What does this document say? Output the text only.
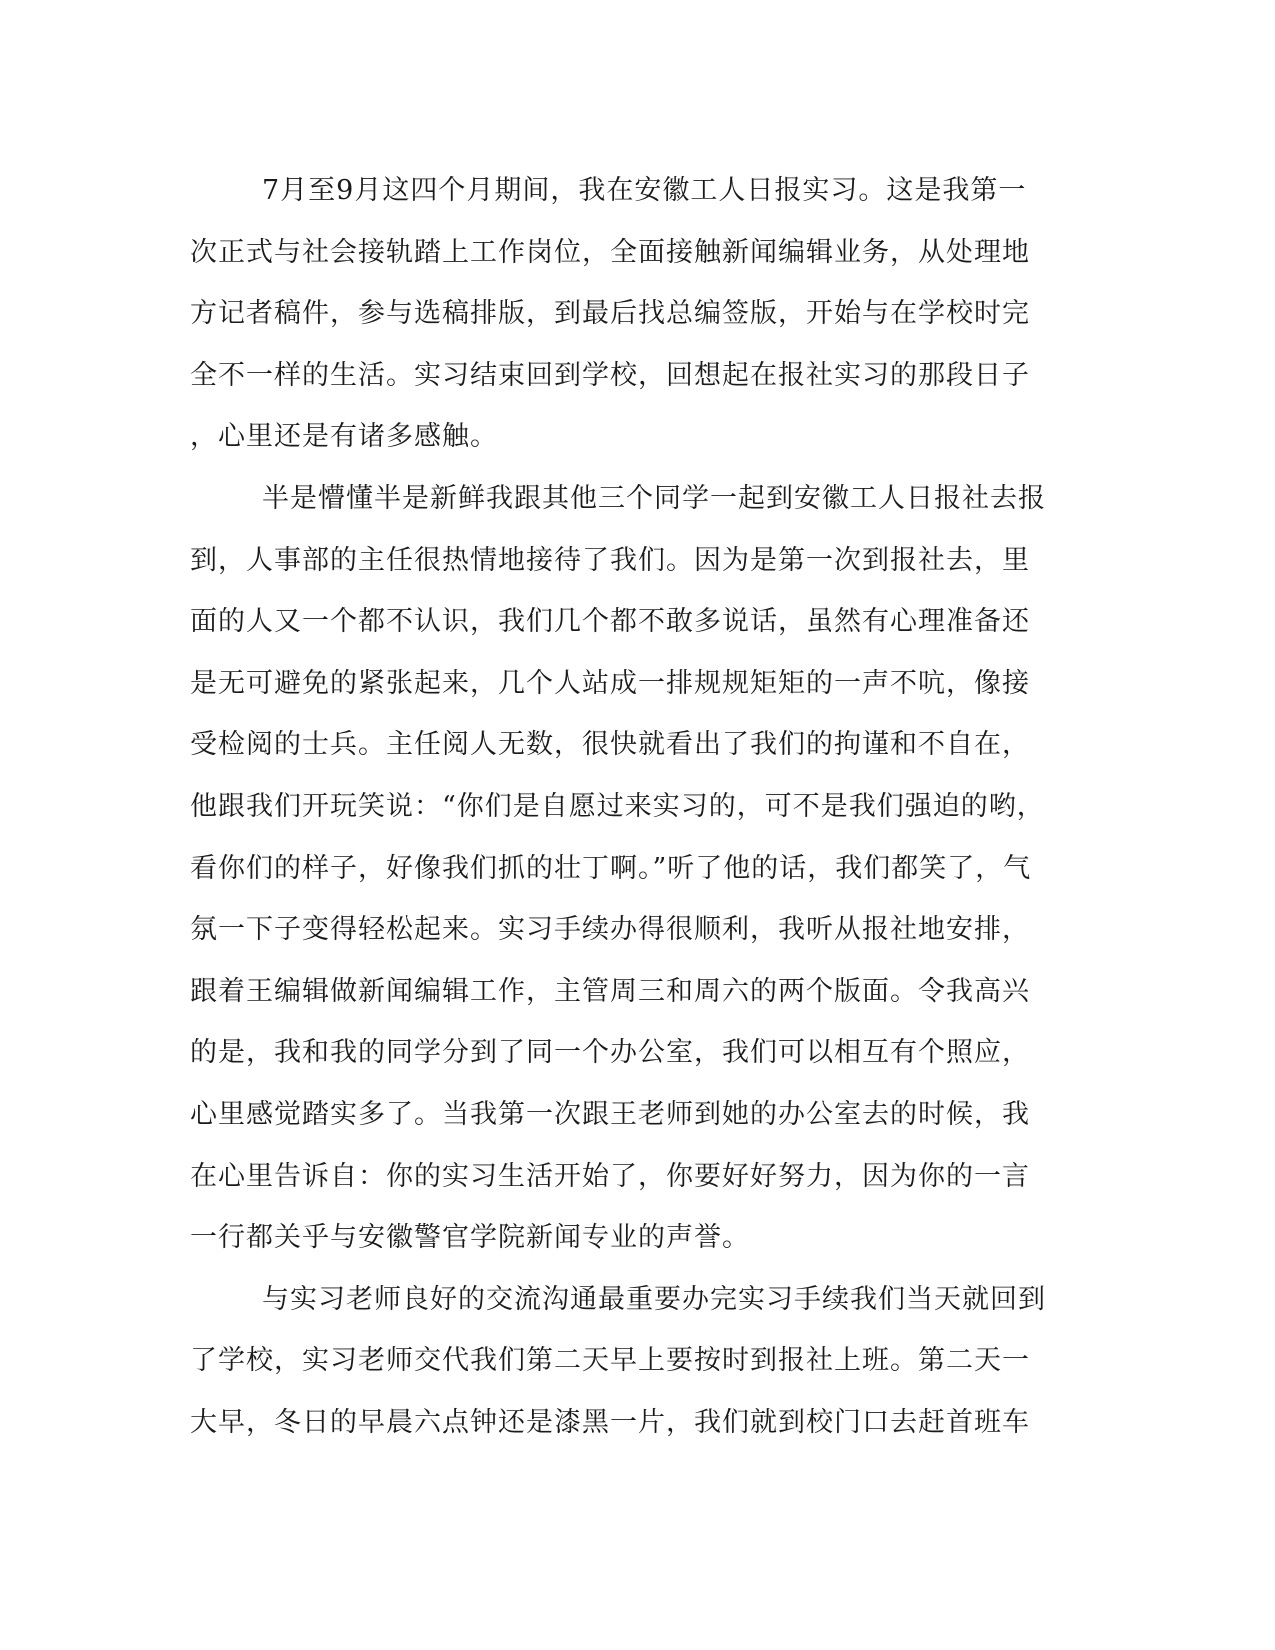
7月至9月这四个月期间，我在安徽工人日报实习。这是我第一
次正式与社会接轨踏上工作岗位，全面接触新闻编辑业务，从处理地
方记者稿件，参与选稿排版，到最后找总编签版，开始与在学校时完
全不一样的生活。实习结束回到学校，回想起在报社实习的那段日子
，心里还是有诸多感触。
半是懵懂半是新鲜我跟其他三个同学一起到安徽工人日报社去报
到，人事部的主任很热情地接待了我们。因为是第一次到报社去，里
面的人又一个都不认识，我们几个都不敢多说话，虽然有心理准备还
是无可避免的紧张起来，几个人站成一排规规矩矩的一声不吭，像接
受检阅的士兵。主任阅人无数，很快就看出了我们的拘谨和不自在，
他跟我们开玩笑说：“你们是自愿过来实习的，可不是我们强迫的哟，
看你们的样子，好像我们抓的壮丁啊。”听了他的话，我们都笑了，气
氛一下子变得轻松起来。实习手续办得很顺利，我听从报社地安排，
跟着王编辑做新闻编辑工作，主管周三和周六的两个版面。令我高兴
的是，我和我的同学分到了同一个办公室，我们可以相互有个照应，
心里感觉踏实多了。当我第一次跟王老师到她的办公室去的时候，我
在心里告诉自：你的实习生活开始了，你要好好努力，因为你的一言
一行都关乎与安徽警官学院新闻专业的声誉。
与实习老师良好的交流沟通最重要办完实习手续我们当天就回到
了学校，实习老师交代我们第二天早上要按时到报社上班。第二天一
大早，冬日的早晨六点钟还是漆黑一片，我们就到校门口去赶首班车
